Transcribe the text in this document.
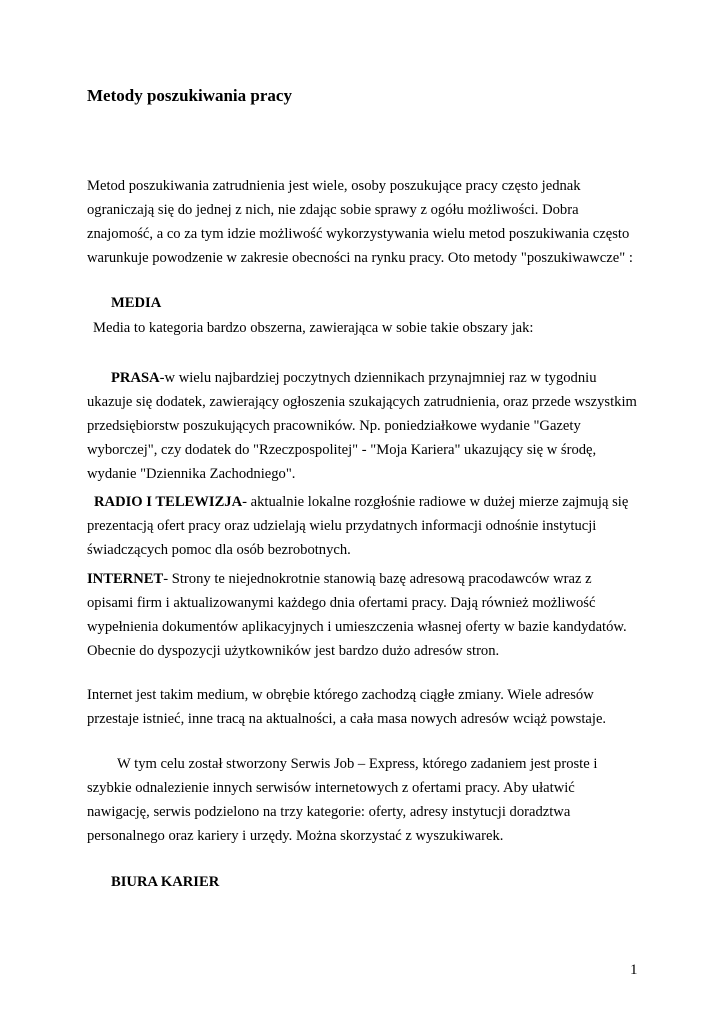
Metody poszukiwania pracy

Metod poszukiwania zatrudnienia jest wiele, osoby poszukujące pracy często jednak
ograniczają się do jednej z nich, nie zdając sobie sprawy z ogółu możliwości. Dobra
znajomość, a co za tym idzie możliwość wykorzystywania wielu metod poszukiwania często
warunkuje powodzenie w zakresie obecności na rynku pracy. Oto metody "poszukiwawcze" :

MEDIA

Media to kategoria bardzo obszerna, zawierająca w sobie takie obszary jak:

PRASA-w wielu najbardziej poczytnych dziennikach przynajmniej raz w tygodniu
ukazuje się dodatek, zawierający ogłoszenia szukających zatrudnienia, oraz przede wszystkim
przedsiębiorstw poszukujących pracowników. Np. poniedziałkowe wydanie "Gazety
wyborczej", czy dodatek do "Rzeczpospolitej" - "Moja Kariera" ukazujący się w środę,
wydanie "Dziennika Zachodniego".

RADIO I TELEWIZJA- aktualnie lokalne rozgłośnie radiowe w dużej mierze zajmują się
prezentacją ofert pracy oraz udzielają wielu przydatnych informacji odnośnie instytucji
świadczących pomoc dla osób bezrobotnych.

INTERNET- Strony te niejednokrotnie stanowią bazę adresową pracodawców wraz z
opisami firm i aktualizowanymi każdego dnia ofertami pracy. Dają również możliwość
wypełnienia dokumentów aplikacyjnych i umieszczenia własnej oferty w bazie kandydatów.
Obecnie do dyspozycji użytkowników jest bardzo dużo adresów stron.

Internet jest takim medium, w obrębie którego zachodzą ciągłe zmiany. Wiele adresów
przestaje istnieć, inne tracą na aktualności, a cała masa nowych adresów wciąż powstaje.

W tym celu został stworzony Serwis Job – Express, którego zadaniem jest proste i
szybkie odnalezienie innych serwisów internetowych z ofertami pracy. Aby ułatwić
nawigację, serwis podzielono na trzy kategorie: oferty, adresy instytucji doradztwa
personalnego oraz kariery i urzędy. Można skorzystać z wyszukiwarek.

BIURA KARIER

1
